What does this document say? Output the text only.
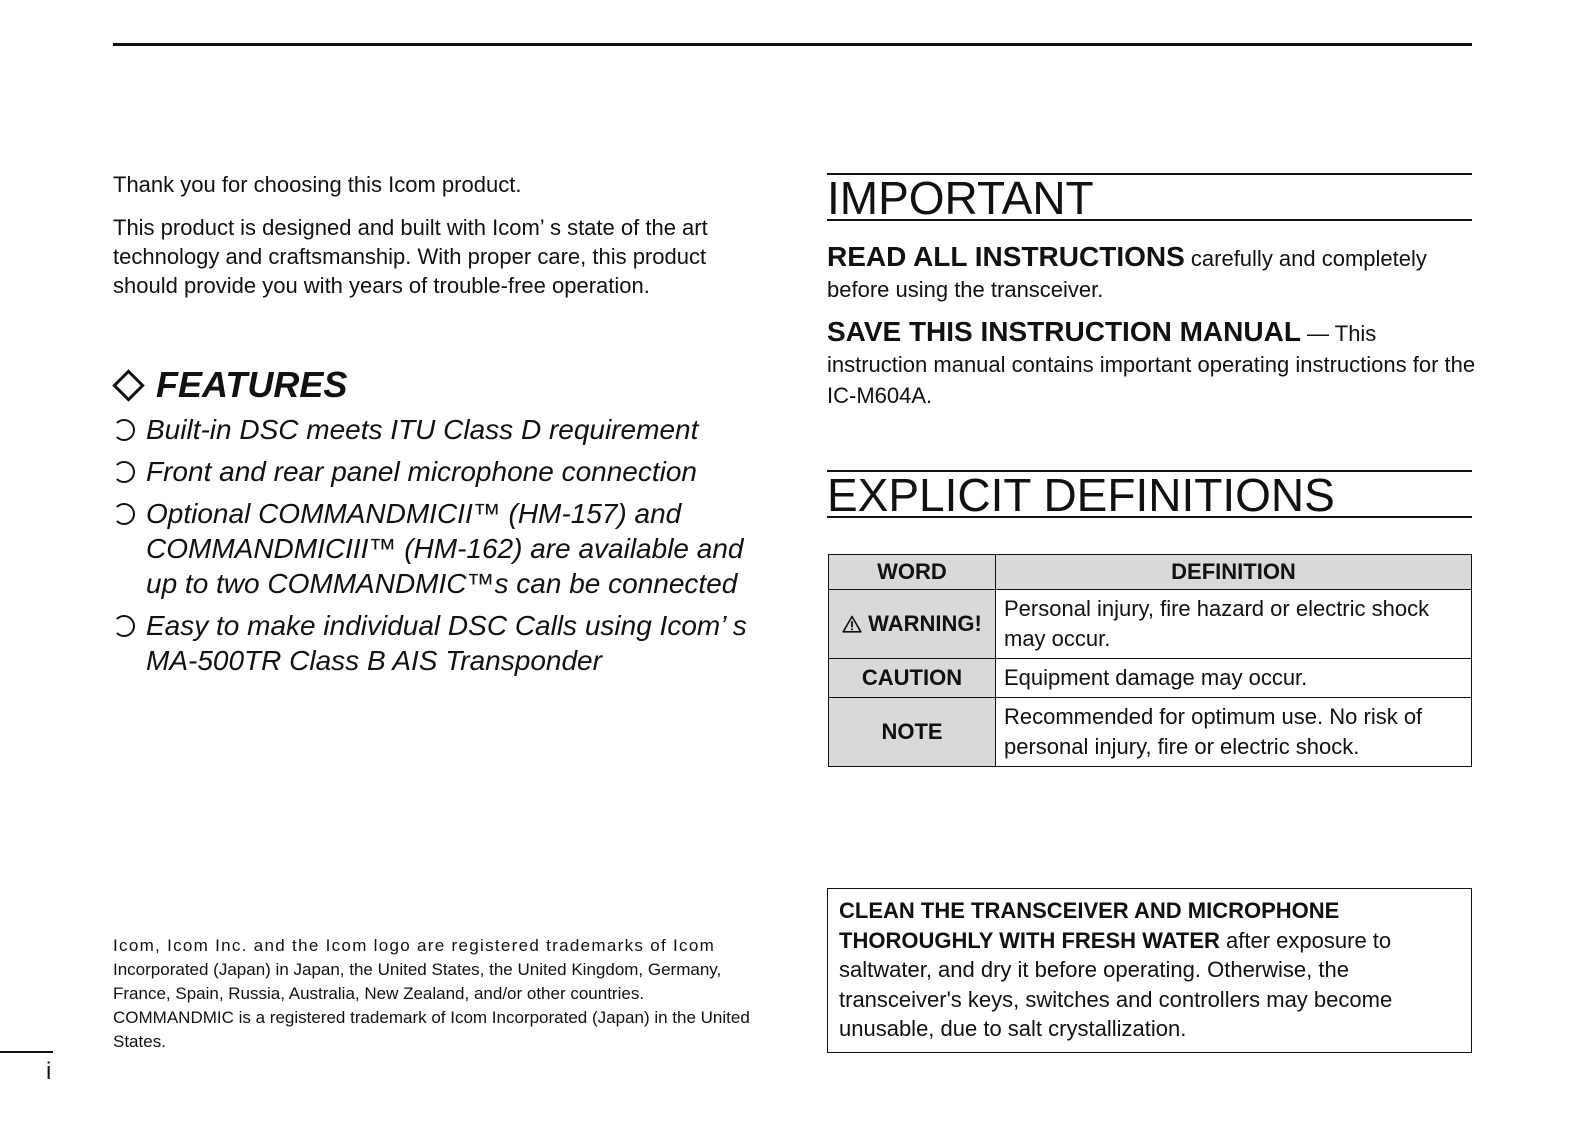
Thank you for choosing this Icom product.

This product is designed and built with Icom’ s state of the art technology and craftsmanship. With proper care, this product should provide you with years of trouble-free operation.

FEATURES
Built-in DSC meets ITU Class D requirement
Front and rear panel microphone connection
Optional COMMANDMICII™ (HM-157) and COMMANDMICIII™ (HM-162) are available and up to two COMMANDMIC™s can be connected
Easy to make individual DSC Calls using Icom’ s MA-500TR Class B AIS Transponder
Icom, Icom Inc. and the Icom logo are registered trademarks of Icom Incorporated (Japan) in Japan, the United States, the United Kingdom, Germany, France, Spain, Russia, Australia, New Zealand, and/or other countries. COMMANDMIC is a registered trademark of Icom Incorporated (Japan) in the United States.
i
IMPORTANT
READ ALL INSTRUCTIONS carefully and completely before using the transceiver.
SAVE THIS INSTRUCTION MANUAL — This instruction manual contains important operating instructions for the IC-M604A.
EXPLICIT DEFINITIONS
WORD	DEFINITION
WARNING!	Personal injury, fire hazard or electric shock may occur.
CAUTION	Equipment damage may occur.
NOTE	Recommended for optimum use. No risk of personal injury, fire or electric shock.
CLEAN THE TRANSCEIVER AND MICROPHONE THOROUGHLY WITH FRESH WATER after exposure to saltwater, and dry it before operating. Otherwise, the transceiver's keys, switches and controllers may become unusable, due to salt crystallization.
